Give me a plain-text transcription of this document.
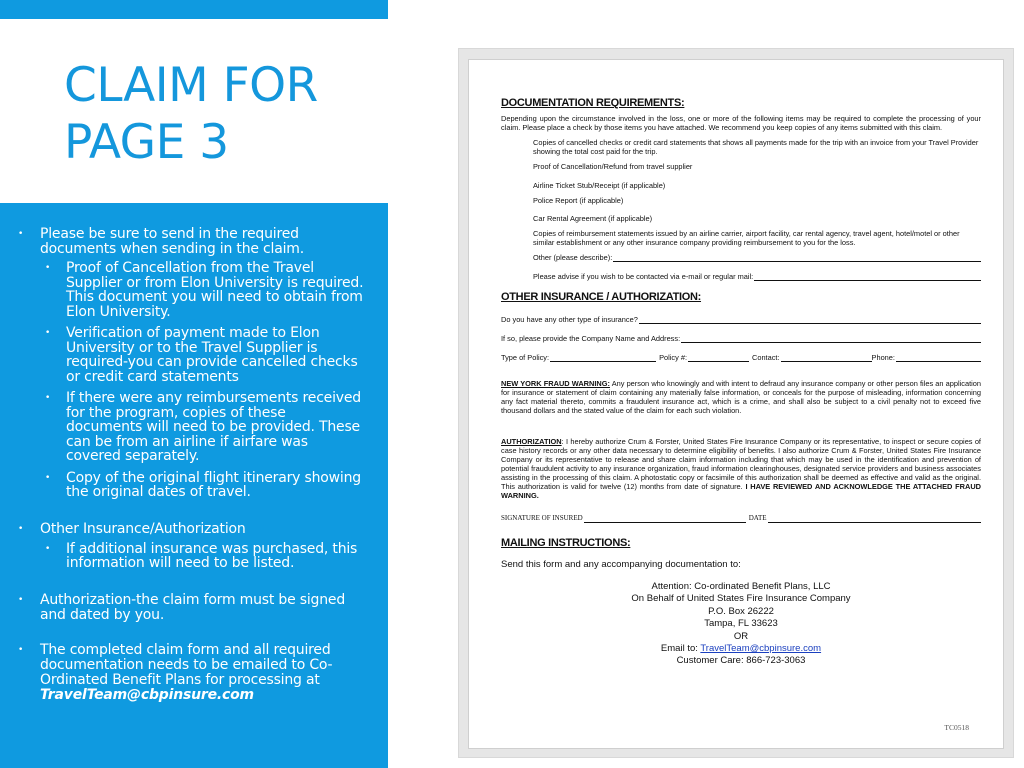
CLAIM FOR
PAGE 3
• Please be sure to send in the required documents when sending in the claim.
• Proof of Cancellation from the Travel Supplier or from Elon University is required. This document you will need to obtain from Elon University.
• Verification of payment made to Elon University or to the Travel Supplier is required-you can provide cancelled checks or credit card statements
• If there were any reimbursements received for the program, copies of these documents will need to be provided. These can be from an airline if airfare was covered separately.
• Copy of the original flight itinerary showing the original dates of travel.
• Other Insurance/Authorization
• If additional insurance was purchased, this information will need to be listed.
• Authorization-the claim form must be signed and dated by you.
• The completed claim form and all required documentation needs to be emailed to Co-Ordinated Benefit Plans for processing at
TravelTeam@cbpinsure.com
DOCUMENTATION REQUIREMENTS:
Depending upon the circumstance involved in the loss, one or more of the following items may be required to complete the processing of your claim. Please place a check by those items you have attached. We recommend you keep copies of any items submitted with this claim.
Copies of cancelled checks or credit card statements that shows all payments made for the trip with an invoice from your Travel Provider showing the total cost paid for the trip.
Proof of Cancellation/Refund from travel supplier
Airline Ticket Stub/Receipt (if applicable)
Police Report (if applicable)
Car Rental Agreement (if applicable)
Copies of reimbursement statements issued by an airline carrier, airport facility, car rental agency, travel agent, hotel/motel or other similar establishment or any other insurance company providing reimbursement to you for the loss.
Other (please describe):
Please advise if you wish to be contacted via e-mail or regular mail:
OTHER INSURANCE / AUTHORIZATION:
Do you have any other type of insurance?
If so, please provide the Company Name and Address:
Type of Policy:	Policy #:	Contact:	Phone:
NEW YORK FRAUD WARNING: Any person who knowingly and with intent to defraud any insurance company or other person files an application for insurance or statement of claim containing any materially false information, or conceals for the purpose of misleading, information concerning any fact material thereto, commits a fraudulent insurance act, which is a crime, and shall also be subject to a civil penalty not to exceed five thousand dollars and the stated value of the claim for each such violation.
AUTHORIZATION: I hereby authorize Crum & Forster, United States Fire Insurance Company or its representative, to inspect or secure copies of case history records or any other data necessary to determine eligibility of benefits. I also authorize Crum & Forster, United States Fire Insurance Company or its representative to release and share claim information including that which may be used in the identification and prevention of potential fraudulent activity to any insurance organization, fraud information clearinghouses, designated service providers and business associates assisting in the processing of this claim. A photostatic copy or facsimile of this authorization shall be deemed as effective and valid as the original. This authorization is valid for twelve (12) months from date of signature. I HAVE REVIEWED AND ACKNOWLEDGE THE ATTACHED FRAUD WARNING.
SIGNATURE OF INSURED	DATE
MAILING INSTRUCTIONS:
Send this form and any accompanying documentation to:
Attention: Co-ordinated Benefit Plans, LLC
On Behalf of United States Fire Insurance Company
P.O. Box 26222
Tampa, FL 33623
OR
Email to: TravelTeam@cbpinsure.com
Customer Care: 866-723-3063
TC0518
